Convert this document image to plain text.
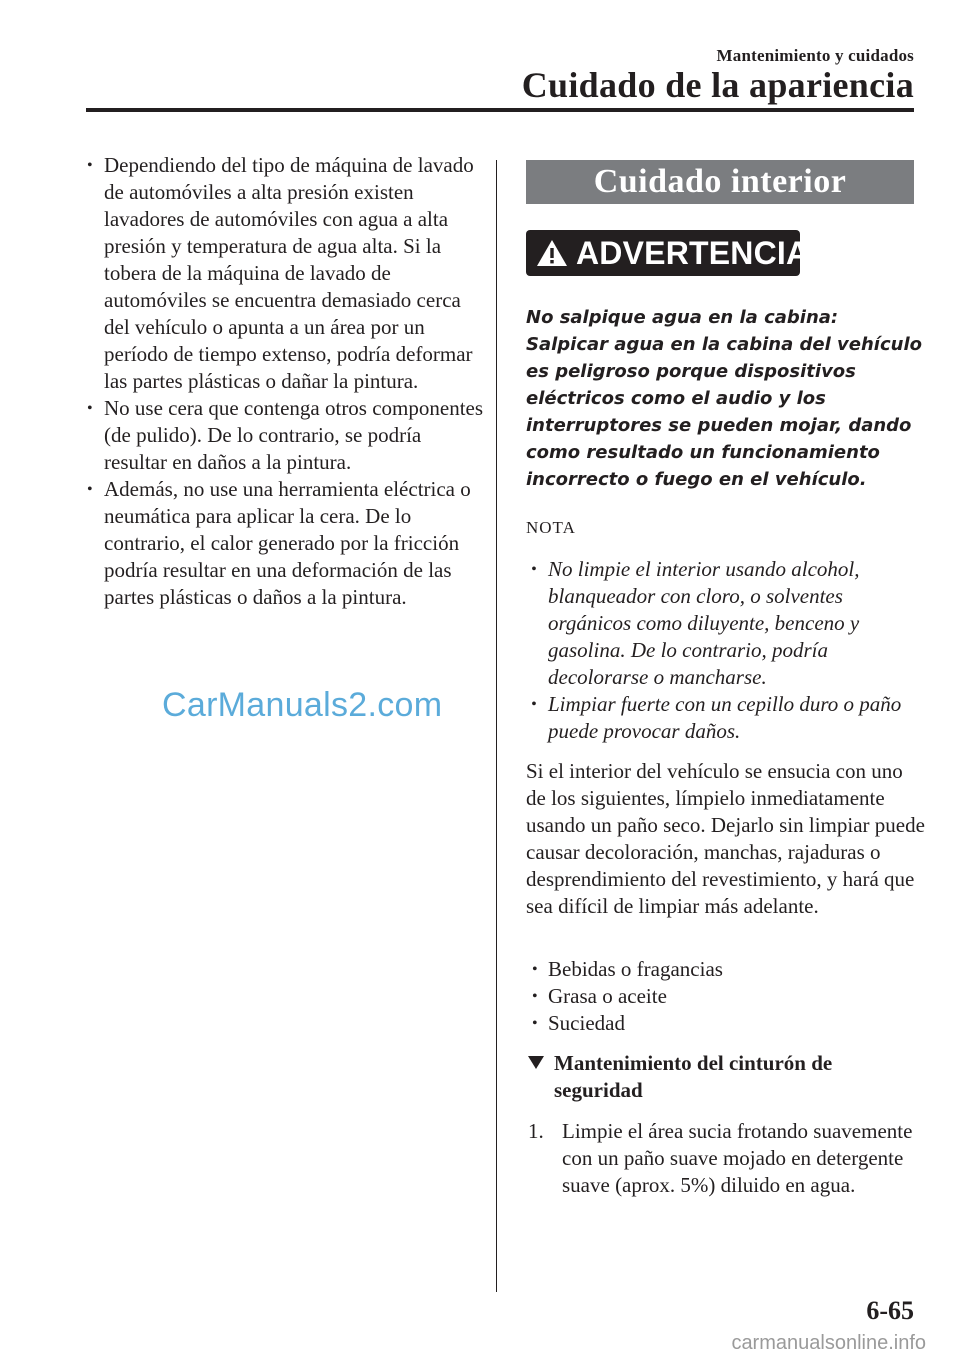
Mantenimiento y cuidados
Cuidado de la apariencia
• Dependiendo del tipo de máquina de lavado de automóviles a alta presión existen lavadores de automóviles con agua a alta presión y temperatura de agua alta. Si la tobera de la máquina de lavado de automóviles se encuentra demasiado cerca del vehículo o apunta a un área por un período de tiempo extenso, podría deformar las partes plásticas o dañar la pintura.
• No use cera que contenga otros componentes (de pulido). De lo contrario, se podría resultar en daños a la pintura.
• Además, no use una herramienta eléctrica o neumática para aplicar la cera. De lo contrario, el calor generado por la fricción podría resultar en una deformación de las partes plásticas o daños a la pintura.
CarManuals2.com
Cuidado interior
ADVERTENCIA
No salpique agua en la cabina:
Salpicar agua en la cabina del vehículo es peligroso porque dispositivos eléctricos como el audio y los interruptores se pueden mojar, dando como resultado un funcionamiento incorrecto o fuego en el vehículo.
NOTA
• No limpie el interior usando alcohol, blanqueador con cloro, o solventes orgánicos como diluyente, benceno y gasolina. De lo contrario, podría decolorarse o mancharse.
• Limpiar fuerte con un cepillo duro o paño puede provocar daños.
Si el interior del vehículo se ensucia con uno de los siguientes, límpielo inmediatamente usando un paño seco. Dejarlo sin limpiar puede causar decoloración, manchas, rajaduras o desprendimiento del revestimiento, y hará que sea difícil de limpiar más adelante.
• Bebidas o fragancias
• Grasa o aceite
• Suciedad
Mantenimiento del cinturón de seguridad
1. Limpie el área sucia frotando suavemente con un paño suave mojado en detergente suave (aprox. 5%) diluido en agua.
6-65
carmanualsonline.info
